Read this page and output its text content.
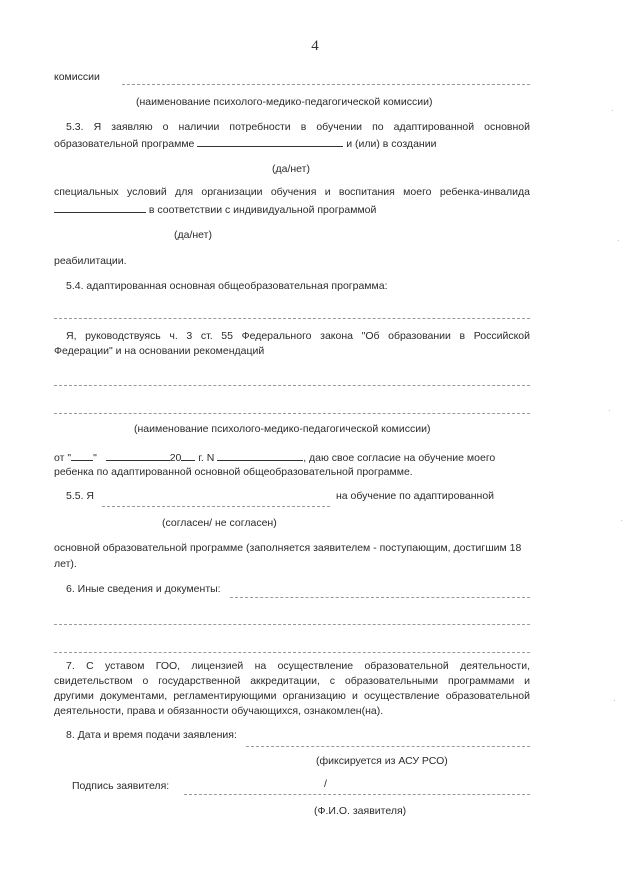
4
комиссии
(наименование психолого-медико-педагогической комиссии)
5.3. Я заявляю о наличии потребности в обучении по адаптированной основной
образовательной программе	и (или) в создании
(да/нет)
специальных условий для организации обучения и воспитания моего ребенка-инвалида
в соответствии с индивидуальной программой
(да/нет)
реабилитации.
5.4. адаптированная основная общеобразовательная программа:
Я, руководствуясь ч. 3 ст. 55 Федерального закона "Об образовании в Российской
Федерации" и на основании рекомендаций
(наименование психолого-медико-педагогической комиссии)
от " "	20 г. N	, даю свое согласие на обучение моего
ребенка по адаптированной основной общеобразовательной программе.
5.5. Я	на обучение по адаптированной
(согласен/ не согласен)
основной образовательной программе (заполняется заявителем - поступающим, достигшим 18
лет).
6. Иные сведения и документы:
7. С уставом ГОО, лицензией на осуществление образовательной деятельности,
свидетельством о государственной аккредитации, с образовательными программами и
другими документами, регламентирующими организацию и осуществление образовательной
деятельности, права и обязанности обучающихся, ознакомлен(на).
8. Дата и время подачи заявления:
(фиксируется из АСУ РСО)
Подпись заявителя:	/
(Ф.И.О. заявителя)
